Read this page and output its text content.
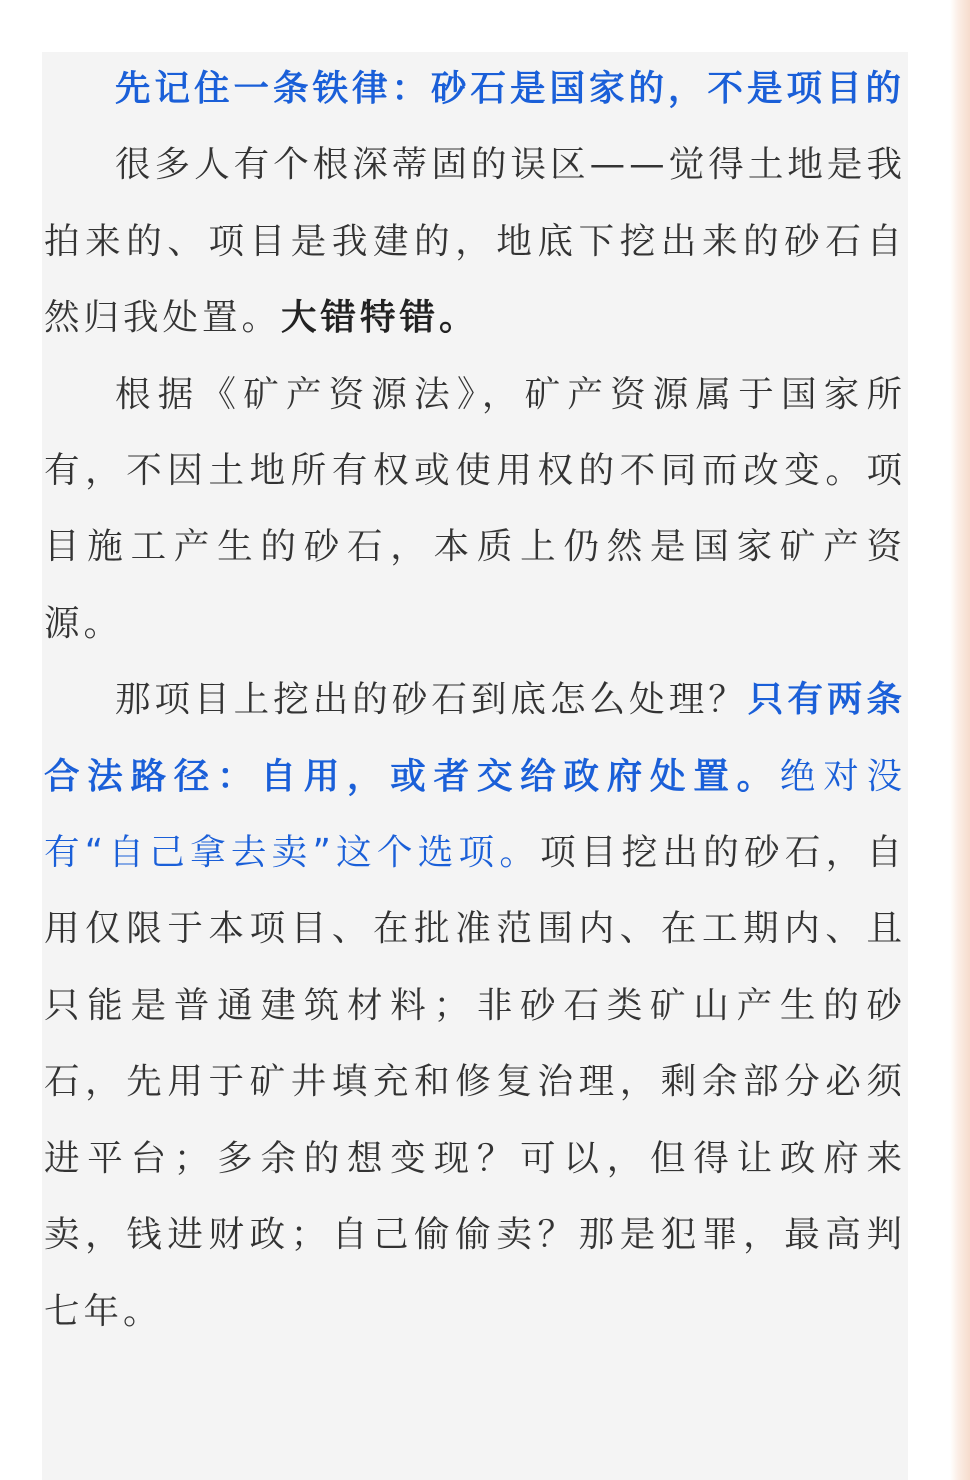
先记住一条铁律：砂石是国家的，不是项目的

很多人有个根深蒂固的误区——觉得土地是我拍来的、项目是我建的，地底下挖出来的砂石自然归我处置。大错特错。

根据《矿产资源法》，矿产资源属于国家所有，不因土地所有权或使用权的不同而改变。项目施工产生的砂石，本质上仍然是国家矿产资源。

那项目上挖出的砂石到底怎么处理？只有两条合法路径：自用，或者交给政府处置。绝对没有“自己拿去卖”这个选项。项目挖出的砂石，自用仅限于本项目、在批准范围内、在工期内、且只能是普通建筑材料；非砂石类矿山产生的砂石，先用于矿井填充和修复治理，剩余部分必须进平台；多余的想变现？可以，但得让政府来卖，钱进财政；自己偷偷卖？那是犯罪，最高判七年。
